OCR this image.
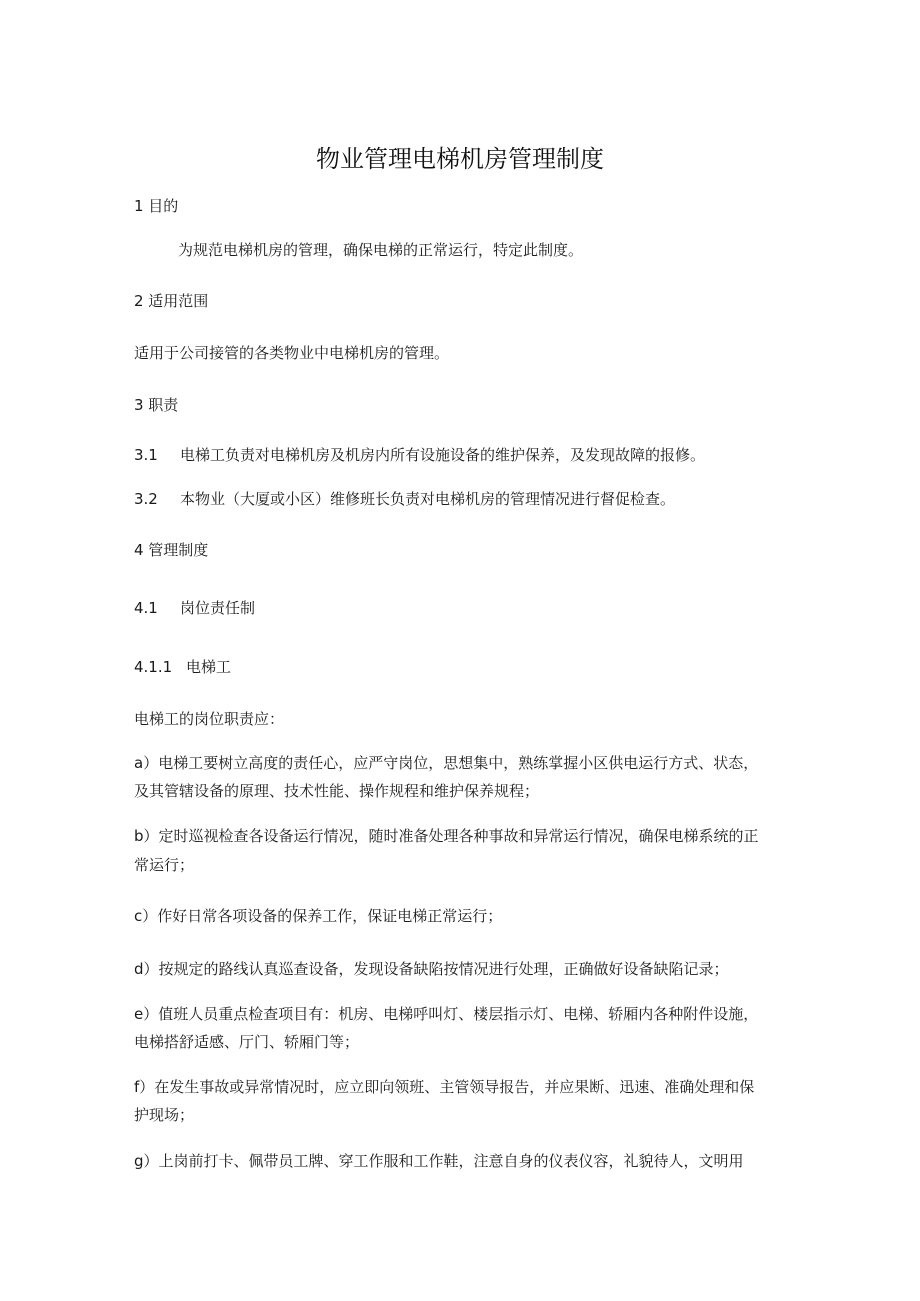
物业管理电梯机房管理制度
1 目的
为规范电梯机房的管理，确保电梯的正常运行，特定此制度。
2 适用范围
适用于公司接管的各类物业中电梯机房的管理。
3 职责
3.1 电梯工负责对电梯机房及机房内所有设施设备的维护保养，及发现故障的报修。
3.2 本物业（大厦或小区）维修班长负责对电梯机房的管理情况进行督促检查。
4 管理制度
4.1 岗位责任制
4.1.1 电梯工
电梯工的岗位职责应：
a）电梯工要树立高度的责任心，应严守岗位，思想集中，熟练掌握小区供电运行方式、状态，
及其管辖设备的原理、技术性能、操作规程和维护保养规程；
b）定时巡视检查各设备运行情况，随时准备处理各种事故和异常运行情况，确保电梯系统的正
常运行；
c）作好日常各项设备的保养工作，保证电梯正常运行；
d）按规定的路线认真巡查设备，发现设备缺陷按情况进行处理，正确做好设备缺陷记录；
e）值班人员重点检查项目有：机房、电梯呼叫灯、楼层指示灯、电梯、轿厢内各种附件设施，
电梯搭舒适感、厅门、轿厢门等；
f）在发生事故或异常情况时，应立即向领班、主管领导报告，并应果断、迅速、准确处理和保
护现场；
g）上岗前打卡、佩带员工牌、穿工作服和工作鞋，注意自身的仪表仪容，礼貌待人，文明用
